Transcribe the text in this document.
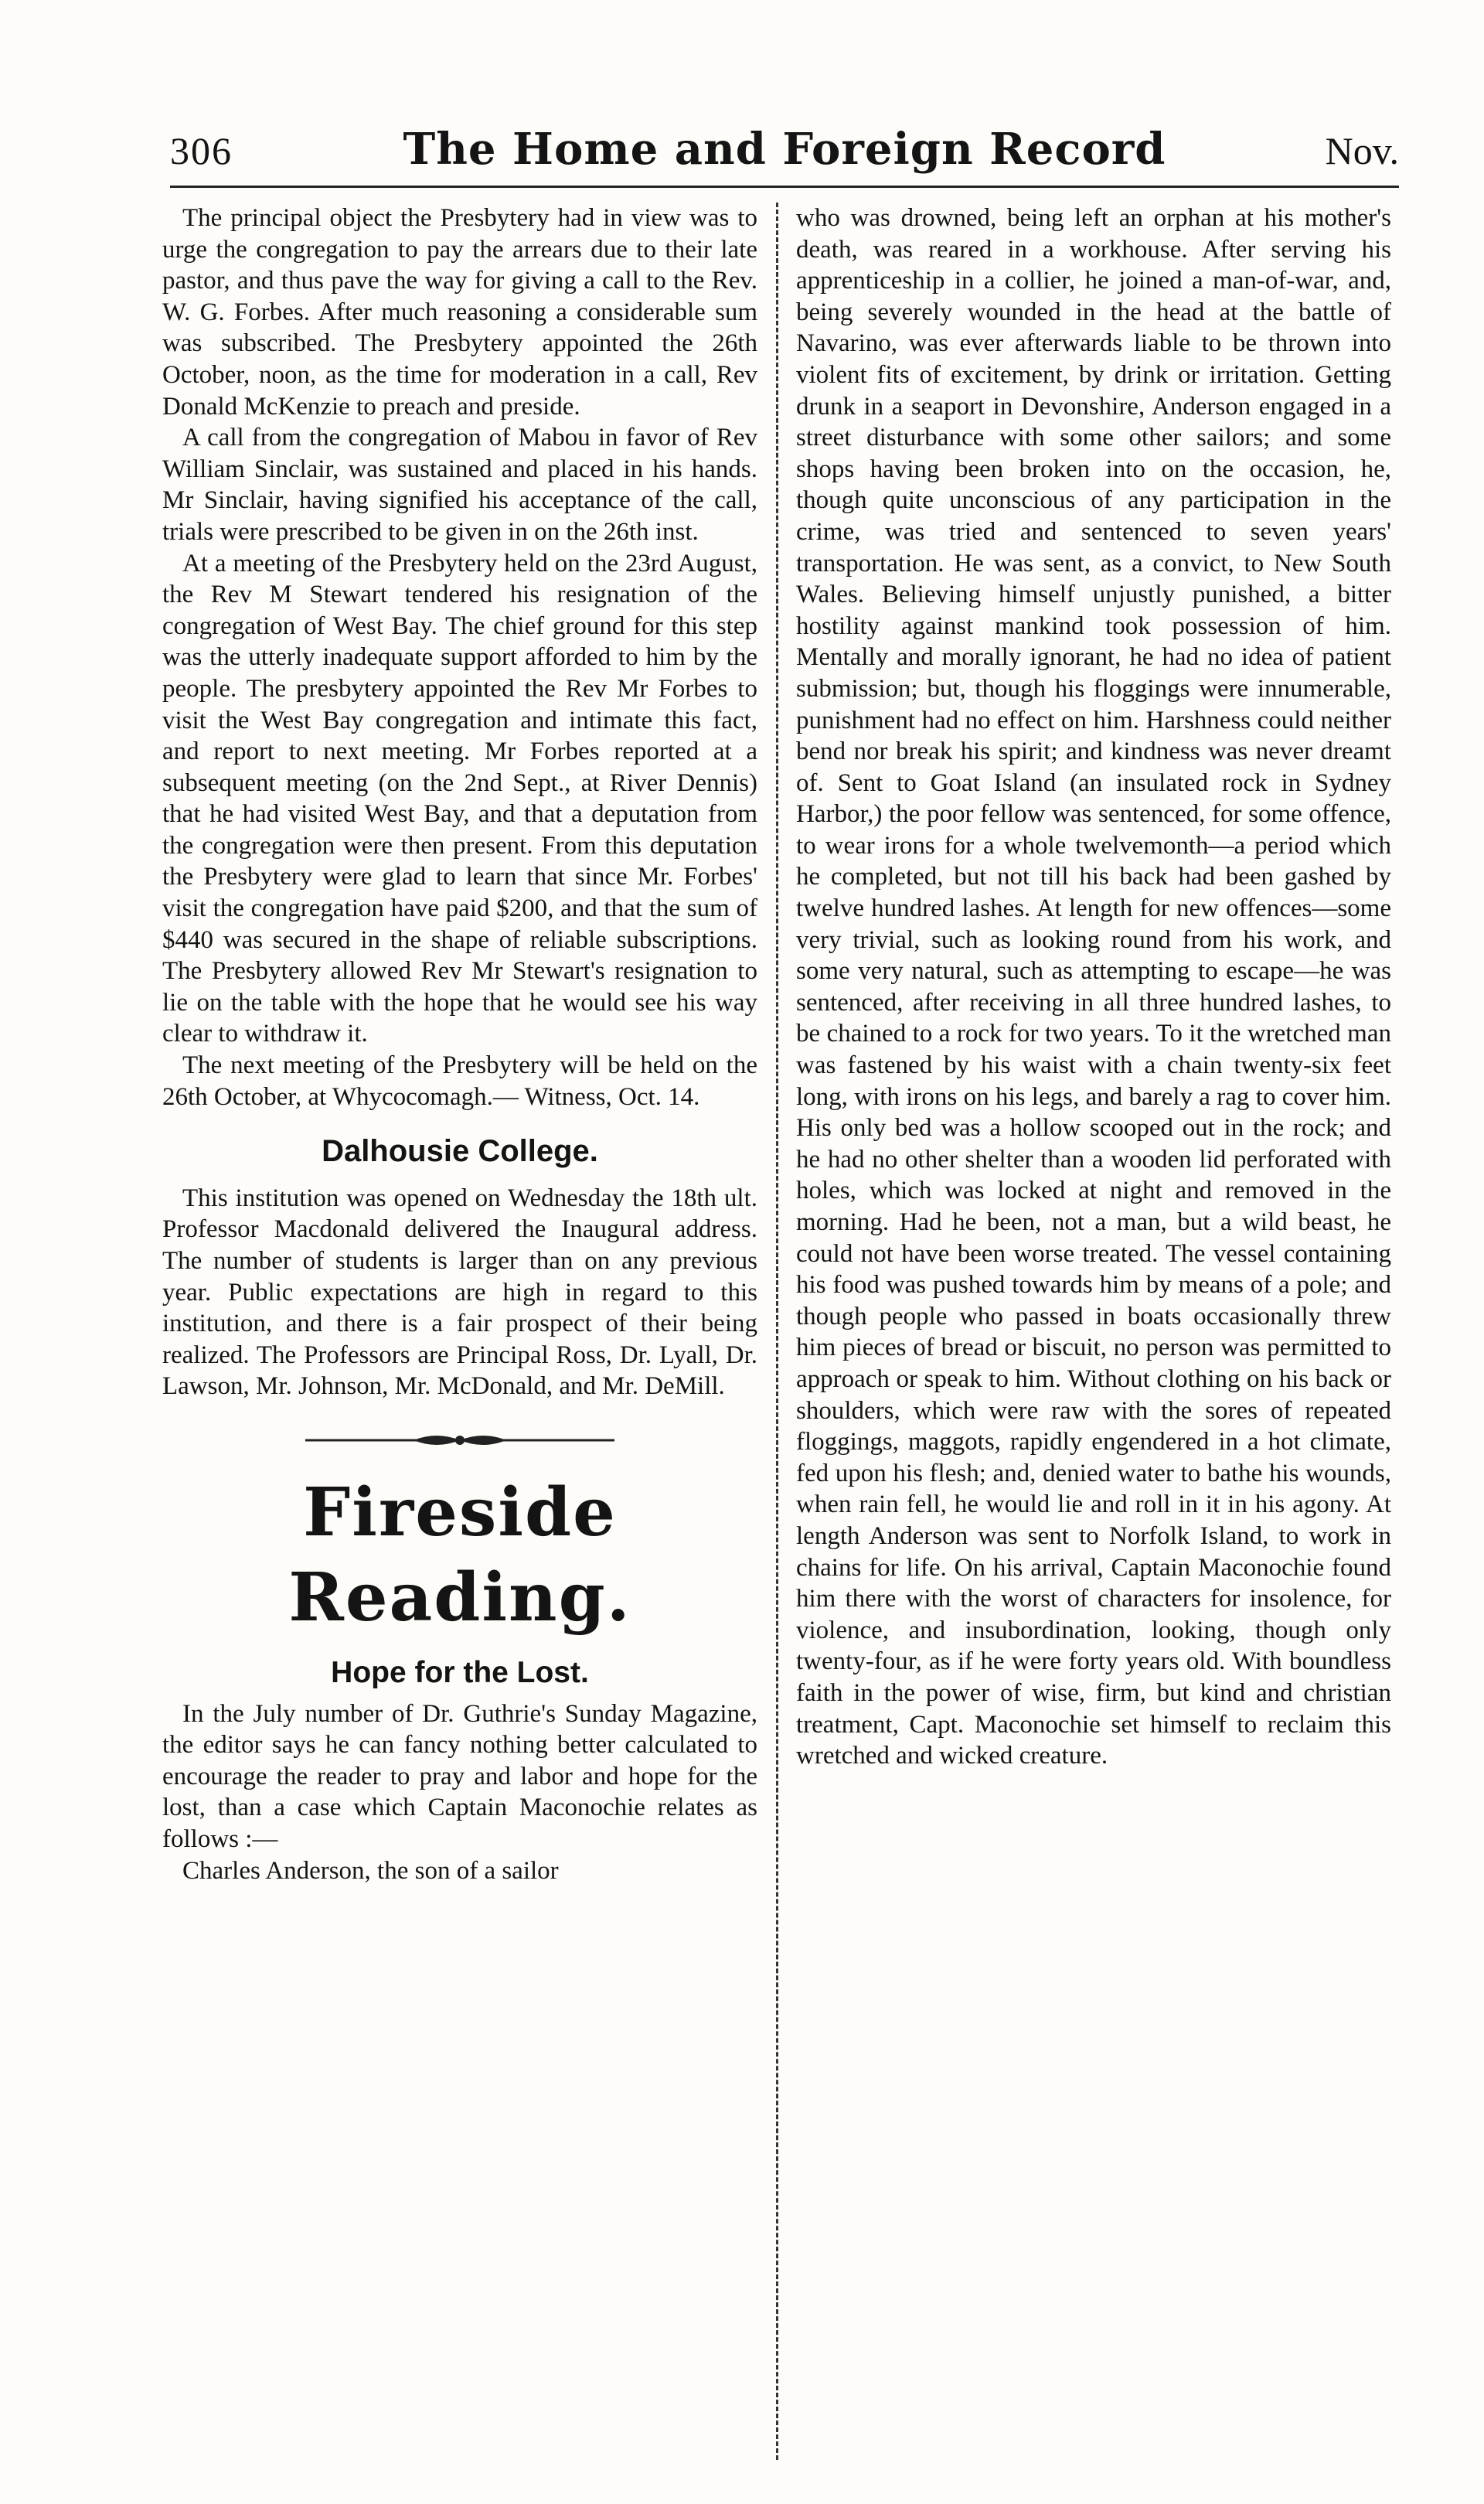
306	The Home and Foreign Record	Nov.

The principal object the Presbytery had in view was to urge the congregation to pay the arrears due to their late pastor, and thus pave the way for giving a call to the Rev. W. G. Forbes. After much reasoning a considerable sum was subscribed. The Presbytery appointed the 26th October, noon, as the time for moderation in a call, Rev Donald McKenzie to preach and preside.

A call from the congregation of Mabou in favor of Rev William Sinclair, was sustained and placed in his hands. Mr Sinclair, having signified his acceptance of the call, trials were prescribed to be given in on the 26th inst.

At a meeting of the Presbytery held on the 23rd August, the Rev M Stewart tendered his resignation of the congregation of West Bay. The chief ground for this step was the utterly inadequate support afforded to him by the people. The presbytery appointed the Rev Mr Forbes to visit the West Bay congregation and intimate this fact, and report to next meeting. Mr Forbes reported at a subsequent meeting (on the 2nd Sept., at River Dennis) that he had visited West Bay, and that a deputation from the congregation were then present. From this deputation the Presbytery were glad to learn that since Mr. Forbes' visit the congregation have paid $200, and that the sum of $440 was secured in the shape of reliable subscriptions. The Presbytery allowed Rev Mr Stewart's resignation to lie on the table with the hope that he would see his way clear to withdraw it.

The next meeting of the Presbytery will be held on the 26th October, at Whycocomagh.— Witness, Oct. 14.

Dalhousie College.

This institution was opened on Wednesday the 18th ult. Professor Macdonald delivered the Inaugural address. The number of students is larger than on any previous year. Public expectations are high in regard to this institution, and there is a fair prospect of their being realized. The Professors are Principal Ross, Dr. Lyall, Dr. Lawson, Mr. Johnson, Mr. McDonald, and Mr. DeMill.

Fireside Reading.
Hope for the Lost.

In the July number of Dr. Guthrie's Sunday Magazine, the editor says he can fancy nothing better calculated to encourage the reader to pray and labor and hope for the lost, than a case which Captain Maconochie relates as follows :—

Charles Anderson, the son of a sailor

who was drowned, being left an orphan at his mother's death, was reared in a workhouse. After serving his apprenticeship in a collier, he joined a man-of-war, and, being severely wounded in the head at the battle of Navarino, was ever afterwards liable to be thrown into violent fits of excitement, by drink or irritation. Getting drunk in a seaport in Devonshire, Anderson engaged in a street disturbance with some other sailors; and some shops having been broken into on the occasion, he, though quite unconscious of any participation in the crime, was tried and sentenced to seven years' transportation. He was sent, as a convict, to New South Wales. Believing himself unjustly punished, a bitter hostility against mankind took possession of him. Mentally and morally ignorant, he had no idea of patient submission; but, though his floggings were innumerable, punishment had no effect on him. Harshness could neither bend nor break his spirit; and kindness was never dreamt of. Sent to Goat Island (an insulated rock in Sydney Harbor,) the poor fellow was sentenced, for some offence, to wear irons for a whole twelvemonth—a period which he completed, but not till his back had been gashed by twelve hundred lashes. At length for new offences—some very trivial, such as looking round from his work, and some very natural, such as attempting to escape—he was sentenced, after receiving in all three hundred lashes, to be chained to a rock for two years. To it the wretched man was fastened by his waist with a chain twenty-six feet long, with irons on his legs, and barely a rag to cover him. His only bed was a hollow scooped out in the rock; and he had no other shelter than a wooden lid perforated with holes, which was locked at night and removed in the morning. Had he been, not a man, but a wild beast, he could not have been worse treated. The vessel containing his food was pushed towards him by means of a pole; and though people who passed in boats occasionally threw him pieces of bread or biscuit, no person was permitted to approach or speak to him. Without clothing on his back or shoulders, which were raw with the sores of repeated floggings, maggots, rapidly engendered in a hot climate, fed upon his flesh; and, denied water to bathe his wounds, when rain fell, he would lie and roll in it in his agony. At length Anderson was sent to Norfolk Island, to work in chains for life. On his arrival, Captain Maconochie found him there with the worst of characters for insolence, for violence, and insubordination, looking, though only twenty-four, as if he were forty years old. With boundless faith in the power of wise, firm, but kind and christian treatment, Capt. Maconochie set himself to reclaim this wretched and wicked creature.
